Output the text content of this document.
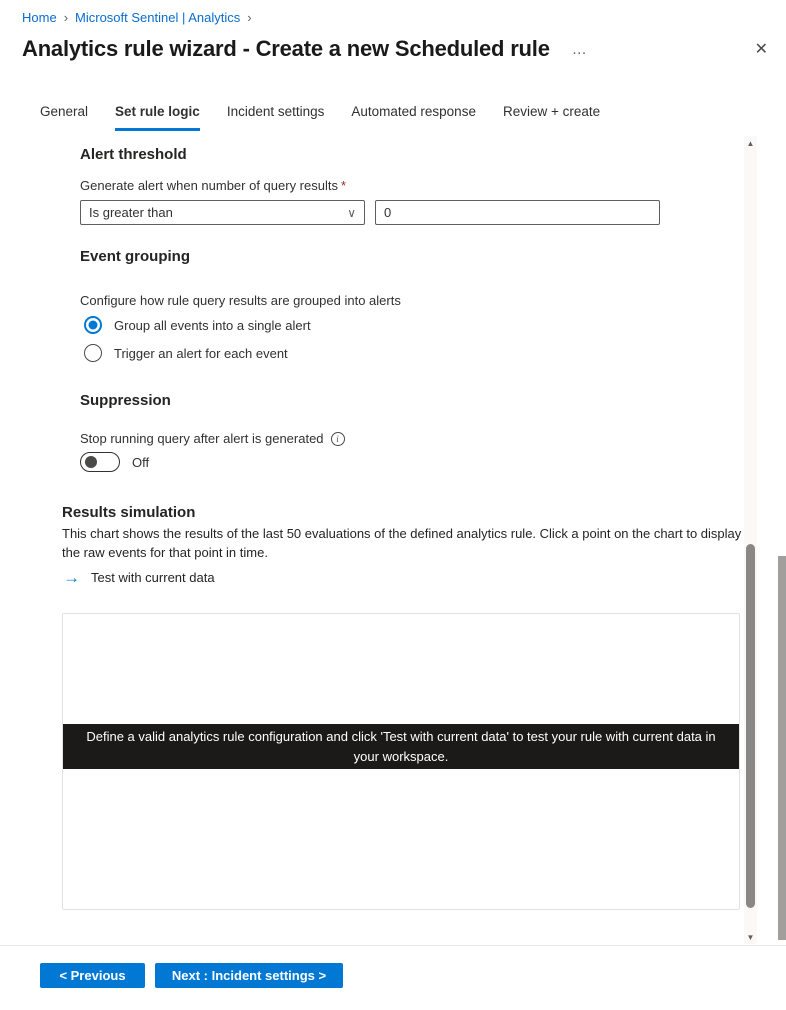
Home › Microsoft Sentinel | Analytics ›
Analytics rule wizard - Create a new Scheduled rule …	✕
General Set rule logic Incident settings Automated response Review + create
Alert threshold
Generate alert when number of query results *
Is greater than	∨
0
Event grouping
Configure how rule query results are grouped into alerts
Group all events into a single alert
Trigger an alert for each event
Suppression
Stop running query after alert is generated	i
Off
Results simulation
This chart shows the results of the last 50 evaluations of the defined analytics rule. Click a point on the chart to display the raw events for that point in time.
→ Test with current data
Define a valid analytics rule configuration and click 'Test with current data' to test your rule with current data in your workspace.
▲
▼
< Previous	Next : Incident settings >
